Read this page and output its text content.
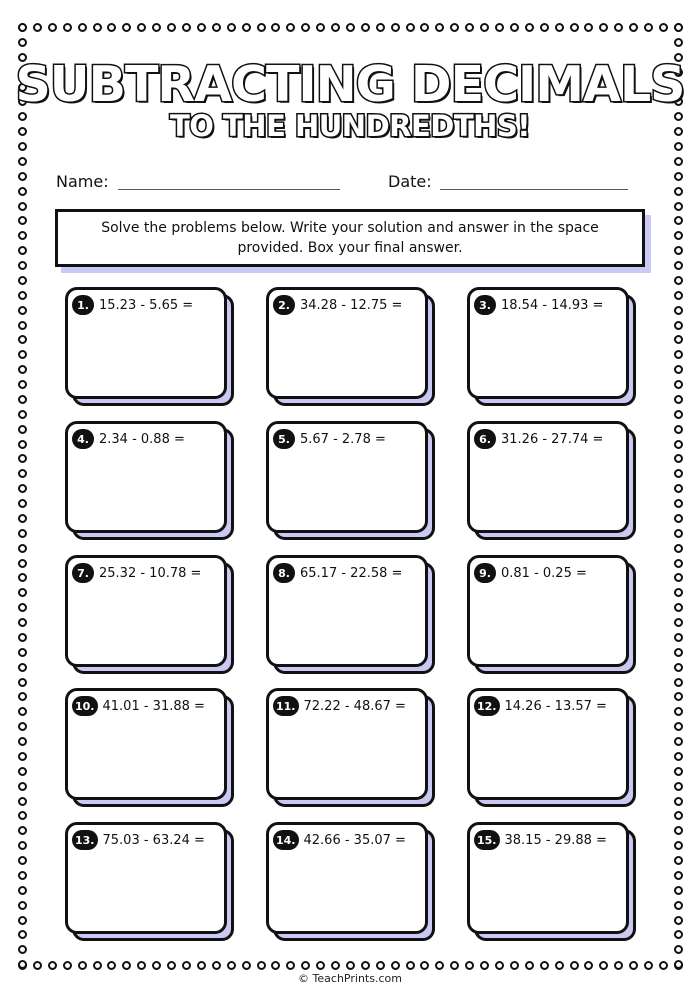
SUBTRACTING DECIMALS
TO THE HUNDREDTHS!
Name:	Date:
Solve the problems below. Write your solution and answer in the space provided. Box your final answer.
1. 15.23 - 5.65 =	2. 34.28 - 12.75 =	3. 18.54 - 14.93 =
4. 2.34 - 0.88 =	5. 5.67 - 2.78 =	6. 31.26 - 27.74 =
7. 25.32 - 10.78 =	8. 65.17 - 22.58 =	9. 0.81 - 0.25 =
10. 41.01 - 31.88 =	11. 72.22 - 48.67 =	12. 14.26 - 13.57 =
13. 75.03 - 63.24 =	14. 42.66 - 35.07 =	15. 38.15 - 29.88 =
© TeachPrints.com
